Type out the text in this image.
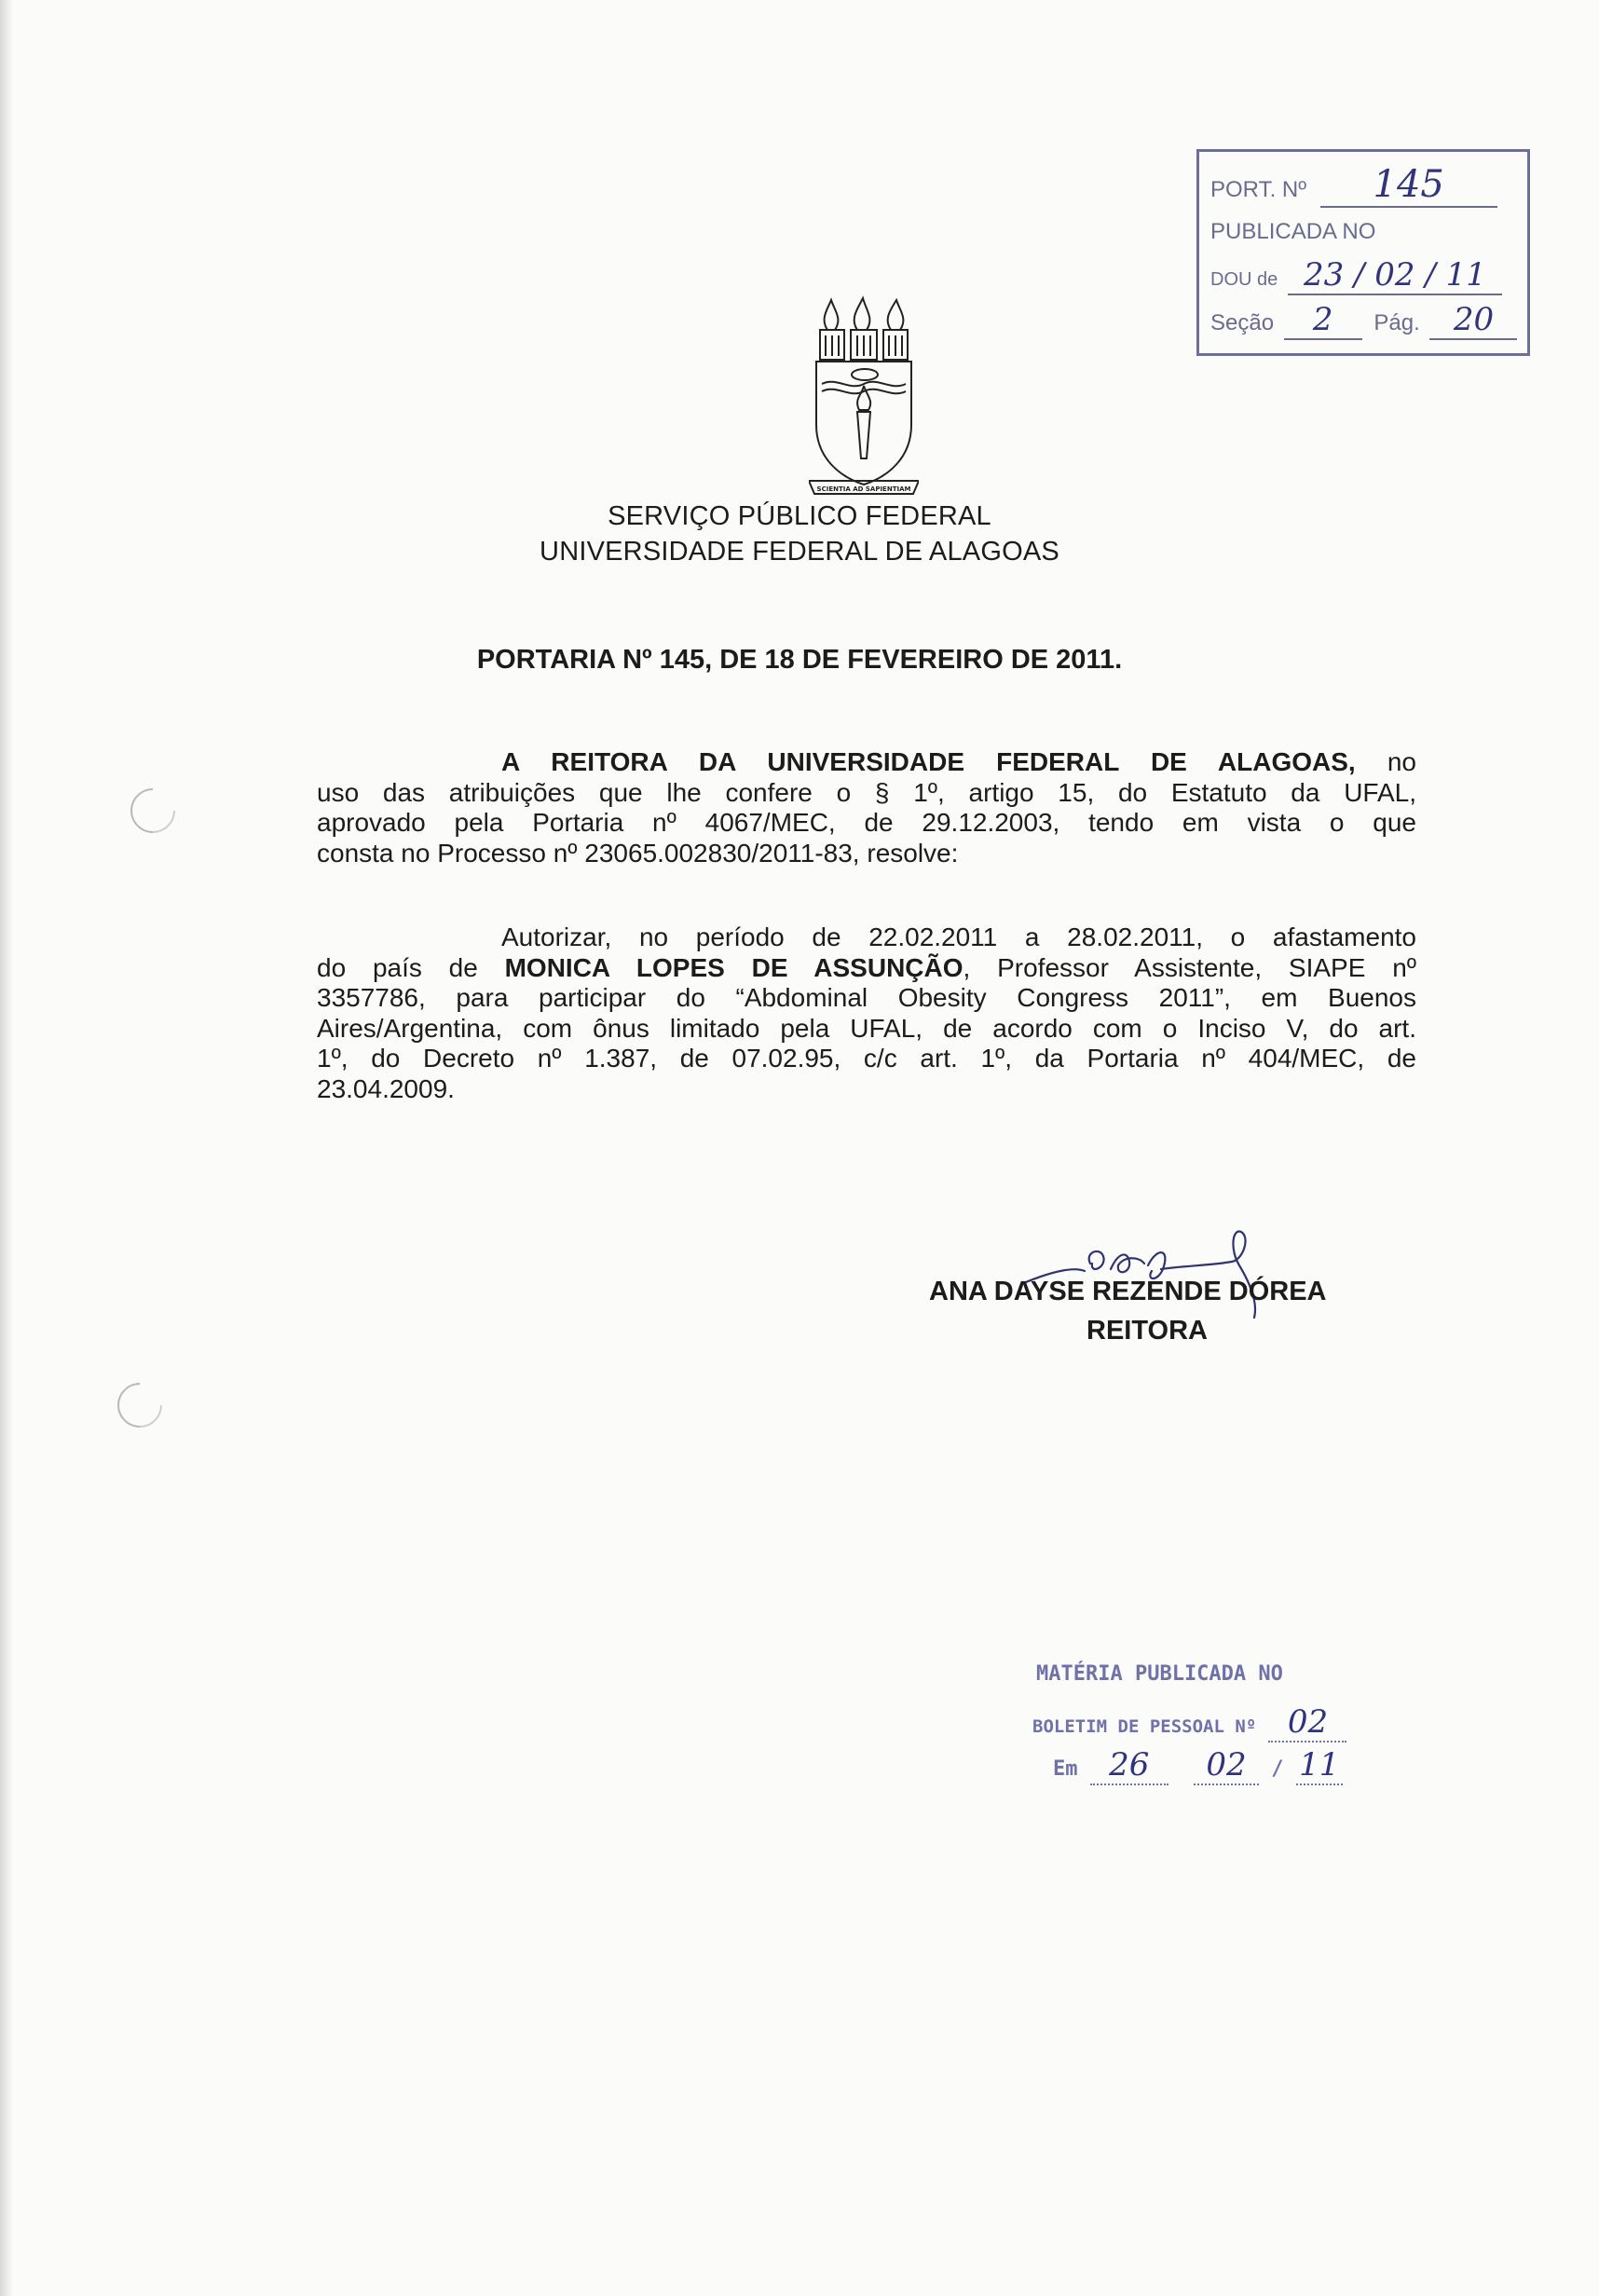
PORT. Nº 145
PUBLICADA NO
DOU de 23 / 02 / 11
Seção 2 Pág. 20
SCIENTIA AD SAPIENTIAM
SERVIÇO PÚBLICO FEDERAL
UNIVERSIDADE FEDERAL DE ALAGOAS
PORTARIA Nº 145, DE 18 DE FEVEREIRO DE 2011.
A REITORA DA UNIVERSIDADE FEDERAL DE ALAGOAS, no
uso das atribuições que lhe confere o § 1º, artigo 15, do Estatuto da UFAL,
aprovado pela Portaria nº 4067/MEC, de 29.12.2003, tendo em vista o que
consta no Processo nº 23065.002830/2011-83, resolve:
Autorizar, no período de 22.02.2011 a 28.02.2011, o afastamento
do país de MONICA LOPES DE ASSUNÇÃO, Professor Assistente, SIAPE nº
3357786, para participar do “Abdominal Obesity Congress 2011”, em Buenos
Aires/Argentina, com ônus limitado pela UFAL, de acordo com o Inciso V, do art.
1º, do Decreto nº 1.387, de 07.02.95, c/c art. 1º, da Portaria nº 404/MEC, de
23.04.2009.
ANA DAYSE REZENDE DÓREA
REITORA
MATÉRIA PUBLICADA NO
BOLETIM DE PESSOAL Nº 02
Em 26 02 / 11
